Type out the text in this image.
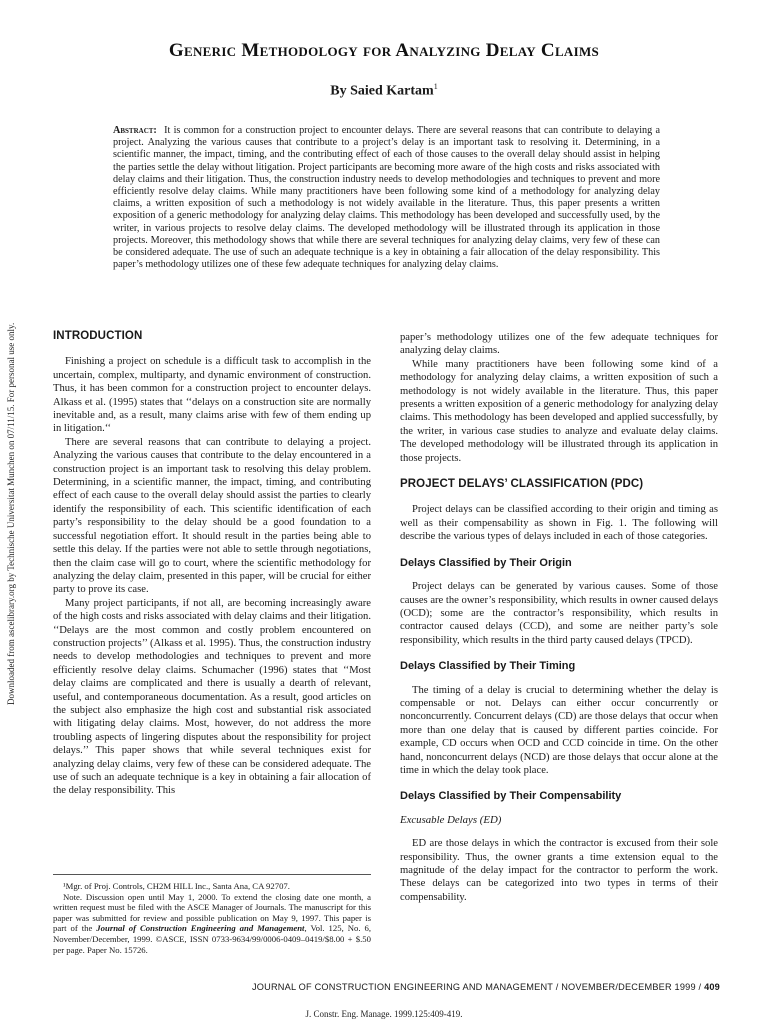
Downloaded from ascelibrary.org by Technische Universitat Munchen on 07/11/15. For personal use only.
Generic Methodology for Analyzing Delay Claims
By Saied Kartam$^1$
Abstract: It is common for a construction project to encounter delays. There are several reasons that can contribute to delaying a project. Analyzing the various causes that contribute to a project’s delay is an important task to resolving it. Determining, in a scientific manner, the impact, timing, and the contributing effect of each of those causes to the overall delay should assist in helping the parties settle the delay without litigation. Project participants are becoming more aware of the high costs and risks associated with delay claims and their litigation. Thus, the construction industry needs to develop methodologies and techniques to prevent and more efficiently resolve delay claims. While many practitioners have been following some kind of a methodology for analyzing delay claims, a written exposition of such a methodology is not widely available in the literature. Thus, this paper presents a written exposition of a generic methodology for analyzing delay claims. This methodology has been developed and successfully used, by the writer, in various projects to resolve delay claims. The developed methodology will be illustrated through its application in those projects. Moreover, this methodology shows that while there are several techniques for analyzing delay claims, very few of these can be considered adequate. The use of such an adequate technique is a key in obtaining a fair allocation of the delay responsibility. This paper’s methodology utilizes one of these few adequate techniques for analyzing delay claims.
INTRODUCTION

Finishing a project on schedule is a difficult task to accomplish in the uncertain, complex, multiparty, and dynamic environment of construction. Thus, it has been common for a construction project to encounter delays. Alkass et al. (1995) states that ‘‘delays on a construction site are normally inevitable and, as a result, many claims arise with few of them ending up in litigation.‘‘

There are several reasons that can contribute to delaying a project. Analyzing the various causes that contribute to the delay encountered in a construction project is an important task to resolving this delay problem. Determining, in a scientific manner, the impact, timing, and contributing effect of each cause to the overall delay should assist the parties to clearly identify the responsibility of each. This scientific identification of each party’s responsibility to the delay should be a good foundation to a successful negotiation effort. It should result in the parties being able to settle this delay. If the parties were not able to settle through negotiations, then the claim case will go to court, where the scientific methodology for analyzing the delay claim, presented in this paper, will be crucial for either party to prove its case.

Many project participants, if not all, are becoming increasingly aware of the high costs and risks associated with delay claims and their litigation. ‘‘Delays are the most common and costly problem encountered on construction projects’’ (Alkass et al. 1995). Thus, the construction industry needs to develop methodologies and techniques to prevent and more efficiently resolve delay claims. Schumacher (1996) states that ‘‘Most delay claims are complicated and there is usually a dearth of relevant, useful, and contemporaneous documentation. As a result, good articles on the subject also emphasize the high cost and substantial risk associated with litigating delay claims. Most, however, do not address the more troubling aspects of lingering disputes about the responsibility for project delays.’’ This paper shows that while several techniques exist for analyzing delay claims, very few of these can be considered adequate. The use of such an adequate technique is a key in obtaining a fair allocation of the delay responsibility. This

paper’s methodology utilizes one of the few adequate techniques for analyzing delay claims.

While many practitioners have been following some kind of a methodology for analyzing delay claims, a written exposition of such a methodology is not widely available in the literature. Thus, this paper presents a written exposition of a generic methodology for analyzing delay claims. This methodology has been developed and applied successfully, by the writer, in various case studies to analyze and evaluate delay claims. The developed methodology will be illustrated through its application in those projects.

PROJECT DELAYS’ CLASSIFICATION (PDC)

Project delays can be classified according to their origin and timing as well as their compensability as shown in Fig. 1. The following will describe the various types of delays included in each of those categories.

Delays Classified by Their Origin

Project delays can be generated by various causes. Some of those causes are the owner’s responsibility, which results in owner caused delays (OCD); some are the contractor’s responsibility, which results in contractor caused delays (CCD), and some are neither party’s sole responsibility, which results in the third party caused delays (TPCD).

Delays Classified by Their Timing

The timing of a delay is crucial to determining whether the delay is compensable or not. Delays can either occur concurrently or nonconcurrently. Concurrent delays (CD) are those delays that occur when more than one delay that is caused by different parties coincide. For example, CD occurs when OCD and CCD coincide in time. On the other hand, nonconcurrent delays (NCD) are those delays that occur alone at the time in which the delay took place.

Delays Classified by Their Compensability
Excusable Delays (ED)

ED are those delays in which the contractor is excused from their sole responsibility. Thus, the owner grants a time extension equal to the magnitude of the delay impact for the contractor to perform the work. These delays can be categorized into two types in terms of their compensability.

¹Mgr. of Proj. Controls, CH2M HILL Inc., Santa Ana, CA 92707.

Note. Discussion open until May 1, 2000. To extend the closing date one month, a written request must be filed with the ASCE Manager of Journals. The manuscript for this paper was submitted for review and possible publication on May 9, 1997. This paper is part of the Journal of Construction Engineering and Management, Vol. 125, No. 6, November/December, 1999. ©ASCE, ISSN 0733-9634/99/0006-0409–0419/$8.00 + $.50 per page. Paper No. 15726.

JOURNAL OF CONSTRUCTION ENGINEERING AND MANAGEMENT / NOVEMBER/DECEMBER 1999 / 409
J. Constr. Eng. Manage. 1999.125:409-419.
